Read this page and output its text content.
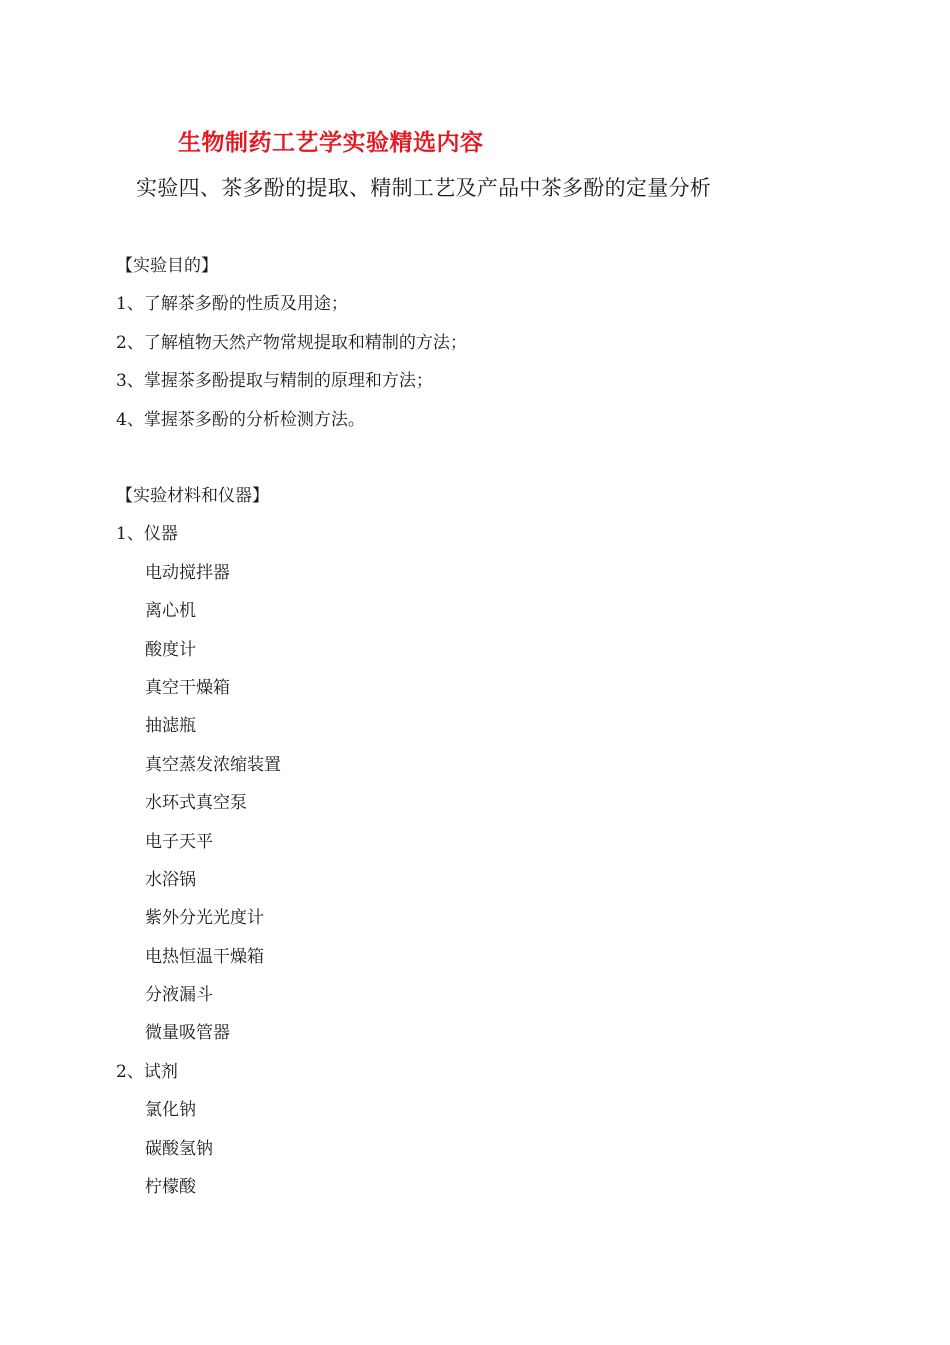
生物制药工艺学实验精选内容
实验四、茶多酚的提取、精制工艺及产品中茶多酚的定量分析
【实验目的】
1、了解茶多酚的性质及用途；
2、了解植物天然产物常规提取和精制的方法；
3、掌握茶多酚提取与精制的原理和方法；
4、掌握茶多酚的分析检测方法。
【实验材料和仪器】
1、仪器
电动搅拌器
离心机
酸度计
真空干燥箱
抽滤瓶
真空蒸发浓缩装置
水环式真空泵
电子天平
水浴锅
紫外分光光度计
电热恒温干燥箱
分液漏斗
微量吸管器
2、试剂
氯化钠
碳酸氢钠
柠檬酸
